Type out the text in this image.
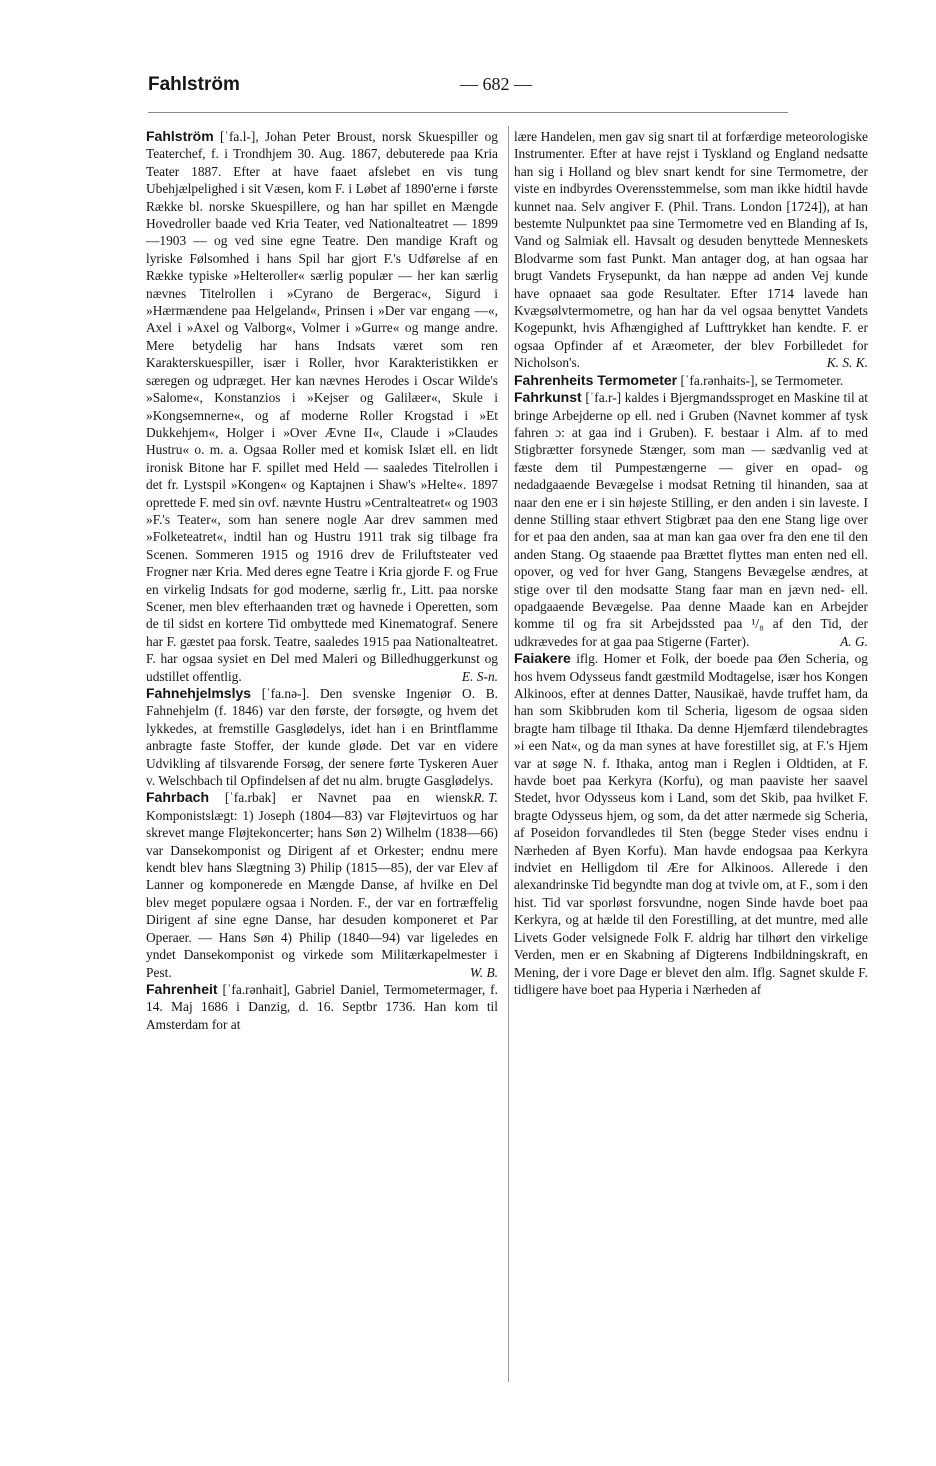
Fahlström	— 682 —

Fahlström [ˈfa.l-], Johan Peter Broust, norsk Skuespiller og Teaterchef, f. i Trondhjem 30. Aug. 1867, debuterede paa Kria Teater 1887. Efter at have faaet afslebet en vis tung Ubehjælpelighed i sit Væsen, kom F. i Løbet af 1890'erne i første Række bl. norske Skuespillere, og han har spillet en Mængde Hovedroller baade ved Kria Teater, ved Nationalteatret — 1899—1903 — og ved sine egne Teatre. Den mandige Kraft og lyriske Følsomhed i hans Spil har gjort F.'s Udførelse af en Række typiske »Helteroller« særlig populær — her kan særlig nævnes Titelrollen i »Cyrano de Bergerac«, Sigurd i »Hærmændene paa Helgeland«, Prinsen i »Der var engang —«, Axel i »Axel og Valborg«, Volmer i »Gurre« og mange andre. Mere betydelig har hans Indsats været som ren Karakterskuespiller, især i Roller, hvor Karakteristikken er særegen og udpræget. Her kan nævnes Herodes i Oscar Wilde's »Salome«, Konstanzios i »Kejser og Galilæer«, Skule i »Kongsemnerne«, og af moderne Roller Krogstad i »Et Dukkehjem«, Holger i »Over Ævne II«, Claude i »Claudes Hustru« o. m. a. Ogsaa Roller med et komisk Islæt ell. en lidt ironisk Bitone har F. spillet med Held — saaledes Titelrollen i det fr. Lystspil »Kongen« og Kaptajnen i Shaw's »Helte«. 1897 oprettede F. med sin ovf. nævnte Hustru »Centralteatret« og 1903 »F.'s Teater«, som han senere nogle Aar drev sammen med »Folketeatret«, indtil han og Hustru 1911 trak sig tilbage fra Scenen. Sommeren 1915 og 1916 drev de Friluftsteater ved Frogner nær Kria. Med deres egne Teatre i Kria gjorde F. og Frue en virkelig Indsats for god moderne, særlig fr., Litt. paa norske Scener, men blev efterhaanden træt og havnede i Operetten, som de til sidst en kortere Tid ombyttede med Kinematograf. Senere har F. gæstet paa forsk. Teatre, saaledes 1915 paa Nationalteatret. F. har ogsaa sysiet en Del med Maleri og Billedhuggerkunst og udstillet offentlig.	E. S-n.

Fahnehjelmslys [ˈfa.nə-]. Den svenske Ingeniør O. B. Fahnehjelm (f. 1846) var den første, der forsøgte, og hvem det lykkedes, at fremstille Gasglødelys, idet han i en Brintflamme anbragte faste Stoffer, der kunde gløde. Det var en videre Udvikling af tilsvarende Forsøg, der senere førte Tyskeren Auer v. Welschbach til Opfindelsen af det nu alm. brugte Gasglødelys.
R. T.

Fahrbach [ˈfa.rbak] er Navnet paa en wiensk Komponistslægt: 1) Joseph (1804—83) var Fløjtevirtuos og har skrevet mange Fløjtekoncerter; hans Søn 2) Wilhelm (1838—66) var Dansekomponist og Dirigent af et Orkester; endnu mere kendt blev hans Slægtning 3) Philip (1815—85), der var Elev af Lanner og komponerede en Mængde Danse, af hvilke en Del blev meget populære ogsaa i Norden. F., der var en fortræffelig Dirigent af sine egne Danse, har desuden komponeret et Par Operaer. — Hans Søn 4) Philip (1840—94) var ligeledes en yndet Dansekomponist og virkede som Militærkapelmester i Pest.	W. B.

Fahrenheit [ˈfa.rənhait], Gabriel Daniel, Termometermager, f. 14. Maj 1686 i Danzig, d. 16. Septbr 1736. Han kom til Amsterdam for at

lære Handelen, men gav sig snart til at forfærdige meteorologiske Instrumenter. Efter at have rejst i Tyskland og England nedsatte han sig i Holland og blev snart kendt for sine Termometre, der viste en indbyrdes Overensstemmelse, som man ikke hidtil havde kunnet naa. Selv angiver F. (Phil. Trans. London [1724]), at han bestemte Nulpunktet paa sine Termometre ved en Blanding af Is, Vand og Salmiak ell. Havsalt og desuden benyttede Menneskets Blodvarme som fast Punkt. Man antager dog, at han ogsaa har brugt Vandets Frysepunkt, da han næppe ad anden Vej kunde have opnaaet saa gode Resultater. Efter 1714 lavede han Kvægsølvtermometre, og han har da vel ogsaa benyttet Vandets Kogepunkt, hvis Afhængighed af Lufttrykket han kendte. F. er ogsaa Opfinder af et Aræometer, der blev Forbilledet for Nicholson's.	K. S. K.

Fahrenheits Termometer [ˈfa.rənhaits-], se Termometer.

Fahrkunst [ˈfa.r-] kaldes i Bjergmandssproget en Maskine til at bringe Arbejderne op ell. ned i Gruben (Navnet kommer af tysk fahren ɔ: at gaa ind i Gruben). F. bestaar i Alm. af to med Stigbrætter forsynede Stænger, som man — sædvanlig ved at fæste dem til Pumpestængerne — giver en opad- og nedadgaaende Bevægelse i modsat Retning til hinanden, saa at naar den ene er i sin højeste Stilling, er den anden i sin laveste. I denne Stilling staar ethvert Stigbræt paa den ene Stang lige over for et paa den anden, saa at man kan gaa over fra den ene til den anden Stang. Og staaende paa Brættet flyttes man enten ned ell. opover, og ved for hver Gang, Stangens Bevægelse ændres, at stige over til den modsatte Stang faar man en jævn ned- ell. opadgaaende Bevægelse. Paa denne Maade kan en Arbejder komme til og fra sit Arbejdssted paa ¹/₈ af den Tid, der udkrævedes for at gaa paa Stigerne (Farter).	A. G.

Faiakere iflg. Homer et Folk, der boede paa Øen Scheria, og hos hvem Odysseus fandt gæstmild Modtagelse, især hos Kongen Alkinoos, efter at dennes Datter, Nausikaë, havde truffet ham, da han som Skibbruden kom til Scheria, ligesom de ogsaa siden bragte ham tilbage til Ithaka. Da denne Hjemfærd tilendebragtes »i een Nat«, og da man synes at have forestillet sig, at F.'s Hjem var at søge N. f. Ithaka, antog man i Reglen i Oldtiden, at F. havde boet paa Kerkyra (Korfu), og man paaviste her saavel Stedet, hvor Odysseus kom i Land, som det Skib, paa hvilket F. bragte Odysseus hjem, og som, da det atter nærmede sig Scheria, af Poseidon forvandledes til Sten (begge Steder vises endnu i Nærheden af Byen Korfu). Man havde endogsaa paa Kerkyra indviet en Helligdom til Ære for Alkinoos. Allerede i den alexandrinske Tid begyndte man dog at tvivle om, at F., som i den hist. Tid var sporløst forsvundne, nogen Sinde havde boet paa Kerkyra, og at hælde til den Forestilling, at det muntre, med alle Livets Goder velsignede Folk F. aldrig har tilhørt den virkelige Verden, men er en Skabning af Digterens Indbildningskraft, en Mening, der i vore Dage er blevet den alm. Iflg. Sagnet skulde F. tidligere have boet paa Hyperia i Nærheden af
